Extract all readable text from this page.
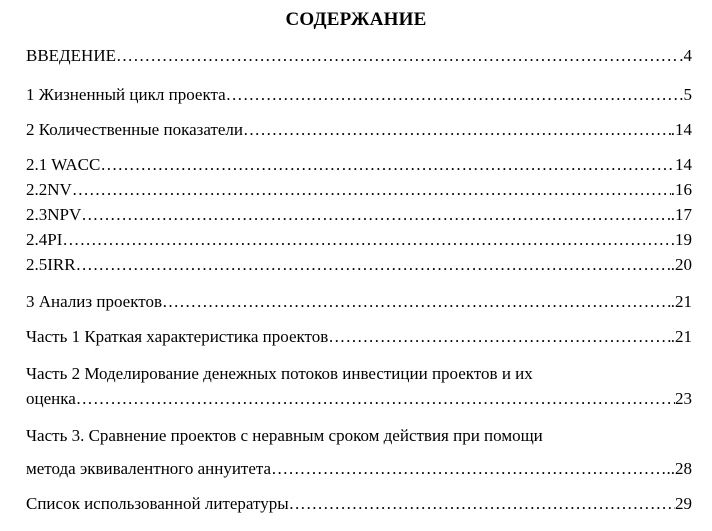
СОДЕРЖАНИЕ
ВВЕДЕНИЕ ………………………………………………………………………………………………………………………………………………………………	.4
1 Жизненный цикл проекта ………………………………………………………………………………………………………………………………………………………………	5
2 Количественные показатели ………………………………………………………………………………………………………………………………………………………………	.14
2.1 WACC ………………………………………………………………………………………………………………………………………………………………	14
2.2NV ………………………………………………………………………………………………………………………………………………………………	.16
2.3NPV ………………………………………………………………………………………………………………………………………………………………	.17
2.4PI ………………………………………………………………………………………………………………………………………………………………	.19
2.5IRR ………………………………………………………………………………………………………………………………………………………………	.20
3 Анализ проектов ………………………………………………………………………………………………………………………………………………………………	.21
Часть 1 Краткая характеристика проектов ………………………………………………………………………………………………………………………………………………………………	.21
Часть 2 Моделирование денежных потоков инвестиции проектов и их
оценка ………………………………………………………………………………………………………………………………………………………………	23
Часть 3. Сравнение проектов с неравным сроком действия при помощи
метода эквивалентного аннуитета ………………………………………………………………………………………………………………………………………………………………	..28
Список использованной литературы ………………………………………………………………………………………………………………………………………………………………	29
